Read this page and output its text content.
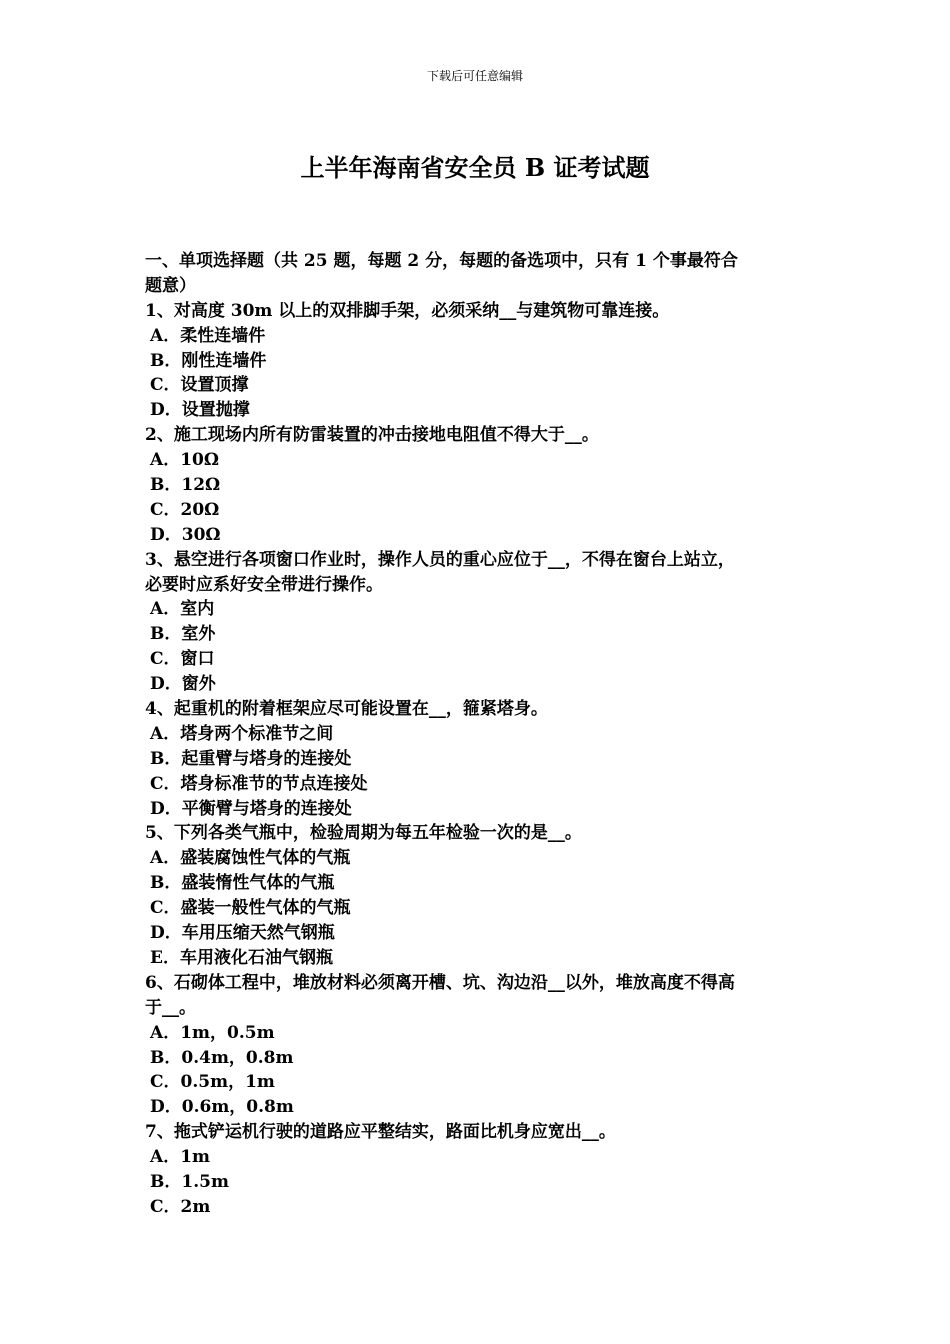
下载后可任意编辑
上半年海南省安全员 B 证考试题
一、单项选择题（共 25 题，每题 2 分，每题的备选项中，只有 1 个事最符合
题意）
1、对高度 30m 以上的双排脚手架，必须采纳__与建筑物可靠连接。
A．柔性连墙件
B．刚性连墙件
C．设置顶撑
D．设置抛撑
2、施工现场内所有防雷装置的冲击接地电阻值不得大于__。
A．10Ω
B．12Ω
C．20Ω
D．30Ω
3、悬空进行各项窗口作业时，操作人员的重心应位于__，不得在窗台上站立，
必要时应系好安全带进行操作。
A．室内
B．室外
C．窗口
D．窗外
4、起重机的附着框架应尽可能设置在__，箍紧塔身。
A．塔身两个标准节之间
B．起重臂与塔身的连接处
C．塔身标准节的节点连接处
D．平衡臂与塔身的连接处
5、下列各类气瓶中，检验周期为每五年检验一次的是__。
A．盛装腐蚀性气体的气瓶
B．盛装惰性气体的气瓶
C．盛装一般性气体的气瓶
D．车用压缩天然气钢瓶
E．车用液化石油气钢瓶
6、石砌体工程中，堆放材料必须离开槽、坑、沟边沿__以外，堆放高度不得高
于__。
A．1m，0.5m
B．0.4m，0.8m
C．0.5m，1m
D．0.6m，0.8m
7、拖式铲运机行驶的道路应平整结实，路面比机身应宽出__。
A．1m
B．1.5m
C．2m
